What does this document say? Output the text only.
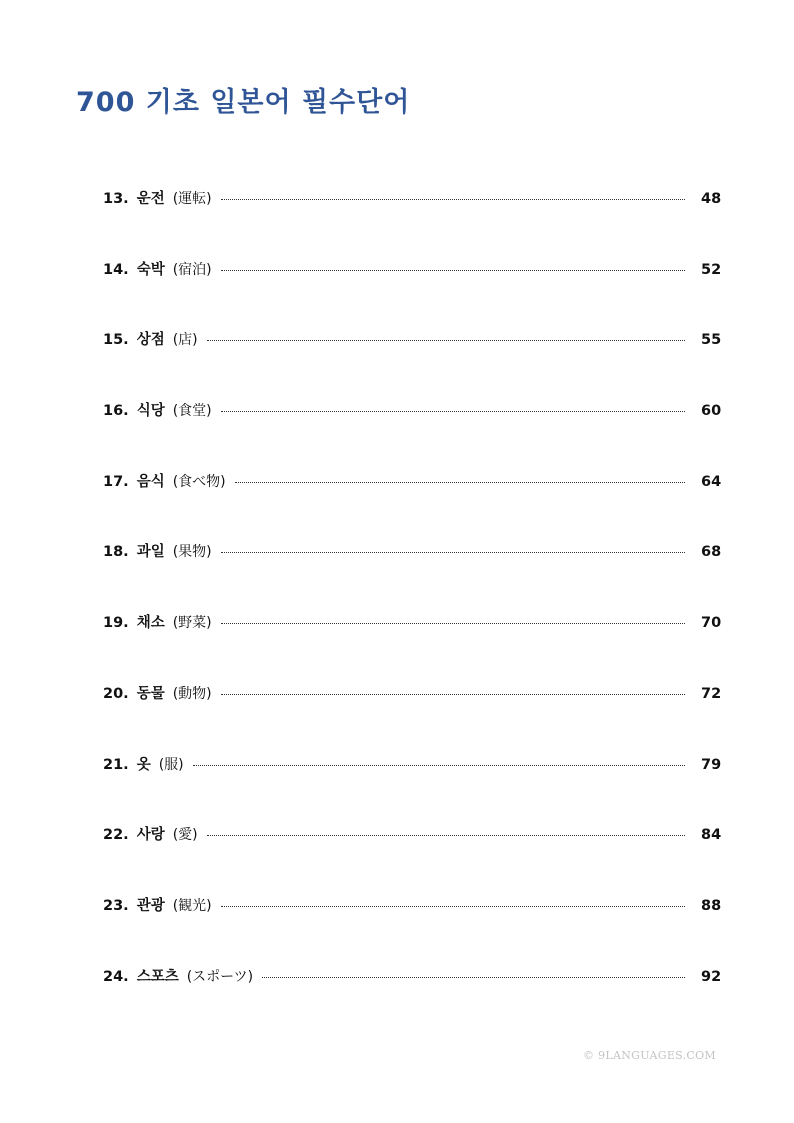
700 기초 일본어 필수단어
13. 운전 (運転)	48
14. 숙박 (宿泊)	52
15. 상점 (店)	55
16. 식당 (食堂)	60
17. 음식 (食べ物)	64
18. 과일 (果物)	68
19. 채소 (野菜)	70
20. 동물 (動物)	72
21. 옷 (服)	79
22. 사랑 (愛)	84
23. 관광 (観光)	88
24. 스포츠 (スポーツ)	92
© 9LANGUAGES.COM
